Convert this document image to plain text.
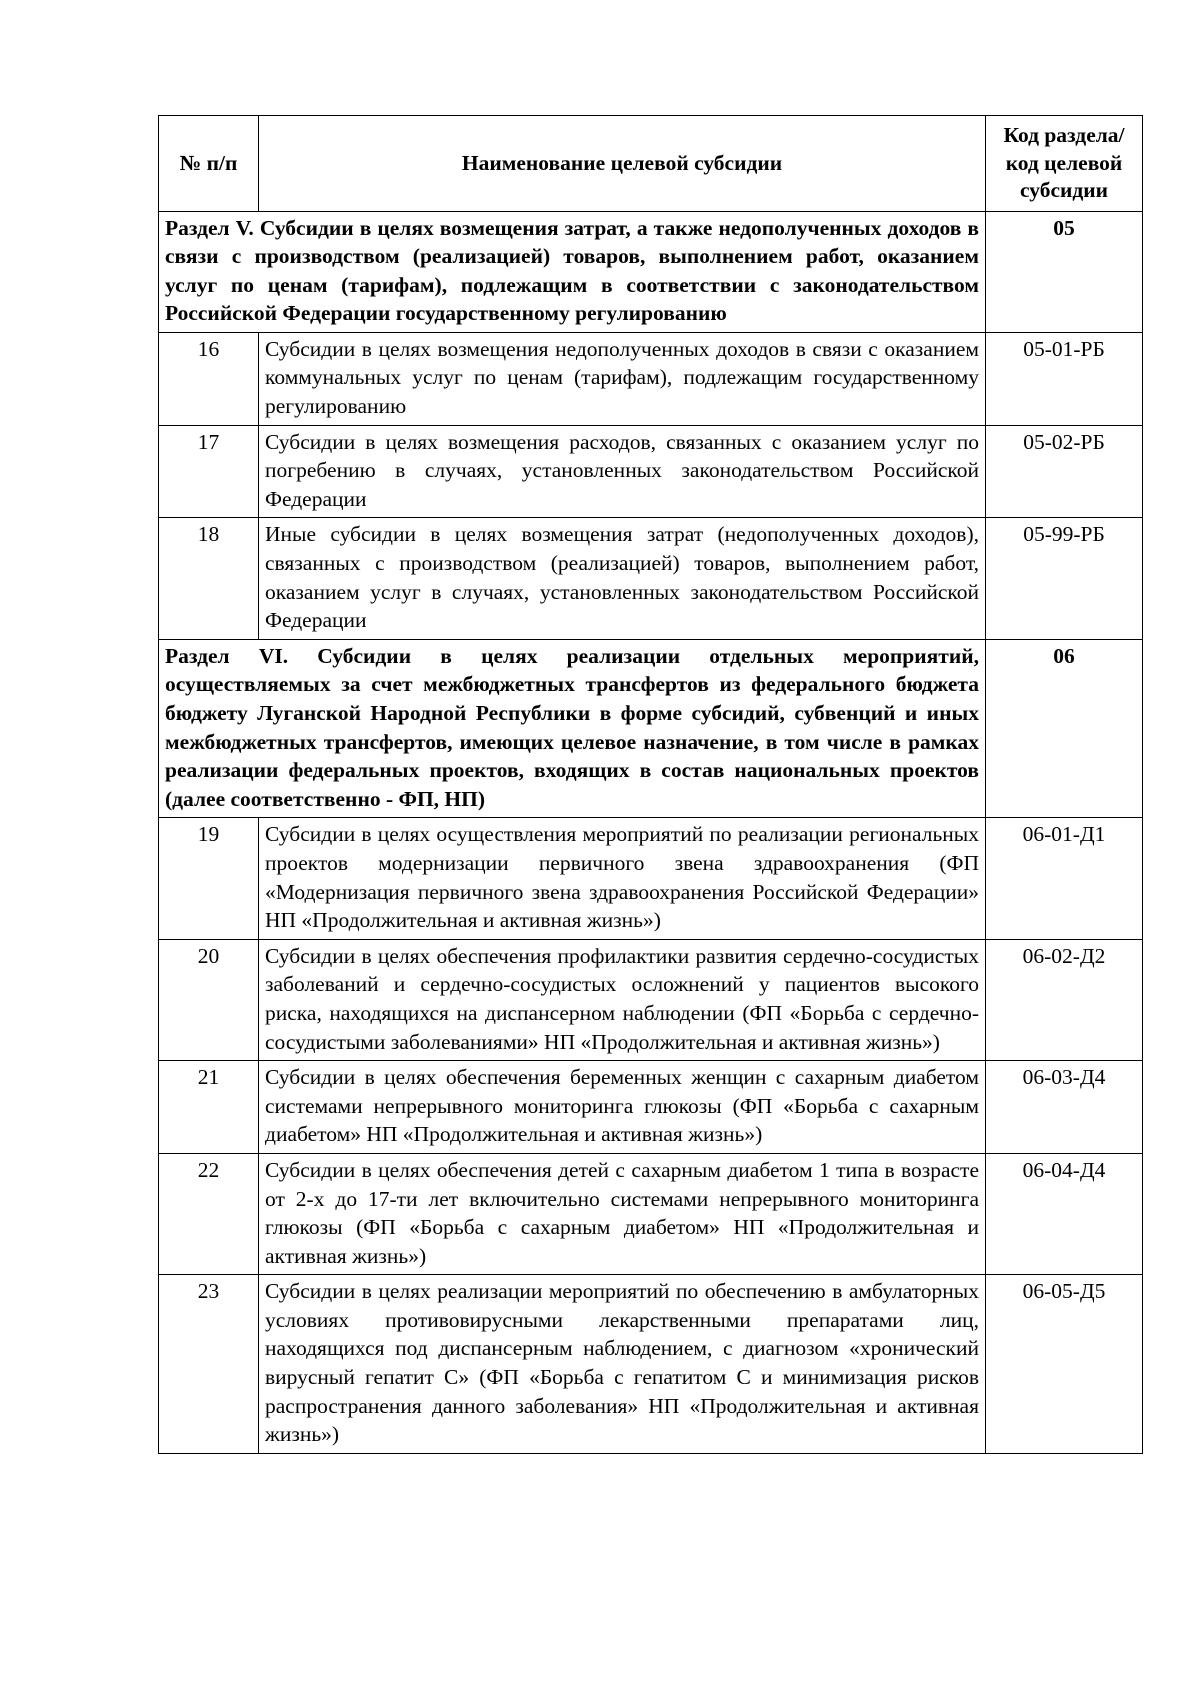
№ п/п	Наименование целевой субсидии	Код раздела/ код целевой субсидии
Раздел V. Субсидии в целях возмещения затрат, а также недополученных доходов в связи с производством (реализацией) товаров, выполнением работ, оказанием услуг по ценам (тарифам), подлежащим в соответствии с законодательством Российской Федерации государственному регулированию		05
16	Субсидии в целях возмещения недополученных доходов в связи с оказанием коммунальных услуг по ценам (тарифам), подлежащим государственному регулированию	05-01-РБ
17	Субсидии в целях возмещения расходов, связанных с оказанием услуг по погребению в случаях, установленных законодательством Российской Федерации	05-02-РБ
18	Иные субсидии в целях возмещения затрат (недополученных доходов), связанных с производством (реализацией) товаров, выполнением работ, оказанием услуг в случаях, установленных законодательством Российской Федерации	05-99-РБ
Раздел VI. Субсидии в целях реализации отдельных мероприятий, осуществляемых за счет межбюджетных трансфертов из федерального бюджета бюджету Луганской Народной Республики в форме субсидий, субвенций и иных межбюджетных трансфертов, имеющих целевое назначение, в том числе в рамках реализации федеральных проектов, входящих в состав национальных проектов (далее соответственно - ФП, НП)		06
19	Субсидии в целях осуществления мероприятий по реализации региональных проектов модернизации первичного звена здравоохранения (ФП «Модернизация первичного звена здравоохранения Российской Федерации» НП «Продолжительная и активная жизнь»)	06-01-Д1
20	Субсидии в целях обеспечения профилактики развития сердечно-сосудистых заболеваний и сердечно-сосудистых осложнений у пациентов высокого риска, находящихся на диспансерном наблюдении (ФП «Борьба с сердечно-сосудистыми заболеваниями» НП «Продолжительная и активная жизнь»)	06-02-Д2
21	Субсидии в целях обеспечения беременных женщин с сахарным диабетом системами непрерывного мониторинга глюкозы (ФП «Борьба с сахарным диабетом» НП «Продолжительная и активная жизнь»)	06-03-Д4
22	Субсидии в целях обеспечения детей с сахарным диабетом 1 типа в возрасте от 2-х до 17-ти лет включительно системами непрерывного мониторинга глюкозы (ФП «Борьба с сахарным диабетом» НП «Продолжительная и активная жизнь»)	06-04-Д4
23	Субсидии в целях реализации мероприятий по обеспечению в амбулаторных условиях противовирусными лекарственными препаратами лиц, находящихся под диспансерным наблюдением, с диагнозом «хронический вирусный гепатит С» (ФП «Борьба с гепатитом С и минимизация рисков распространения данного заболевания» НП «Продолжительная и активная жизнь»)	06-05-Д5
